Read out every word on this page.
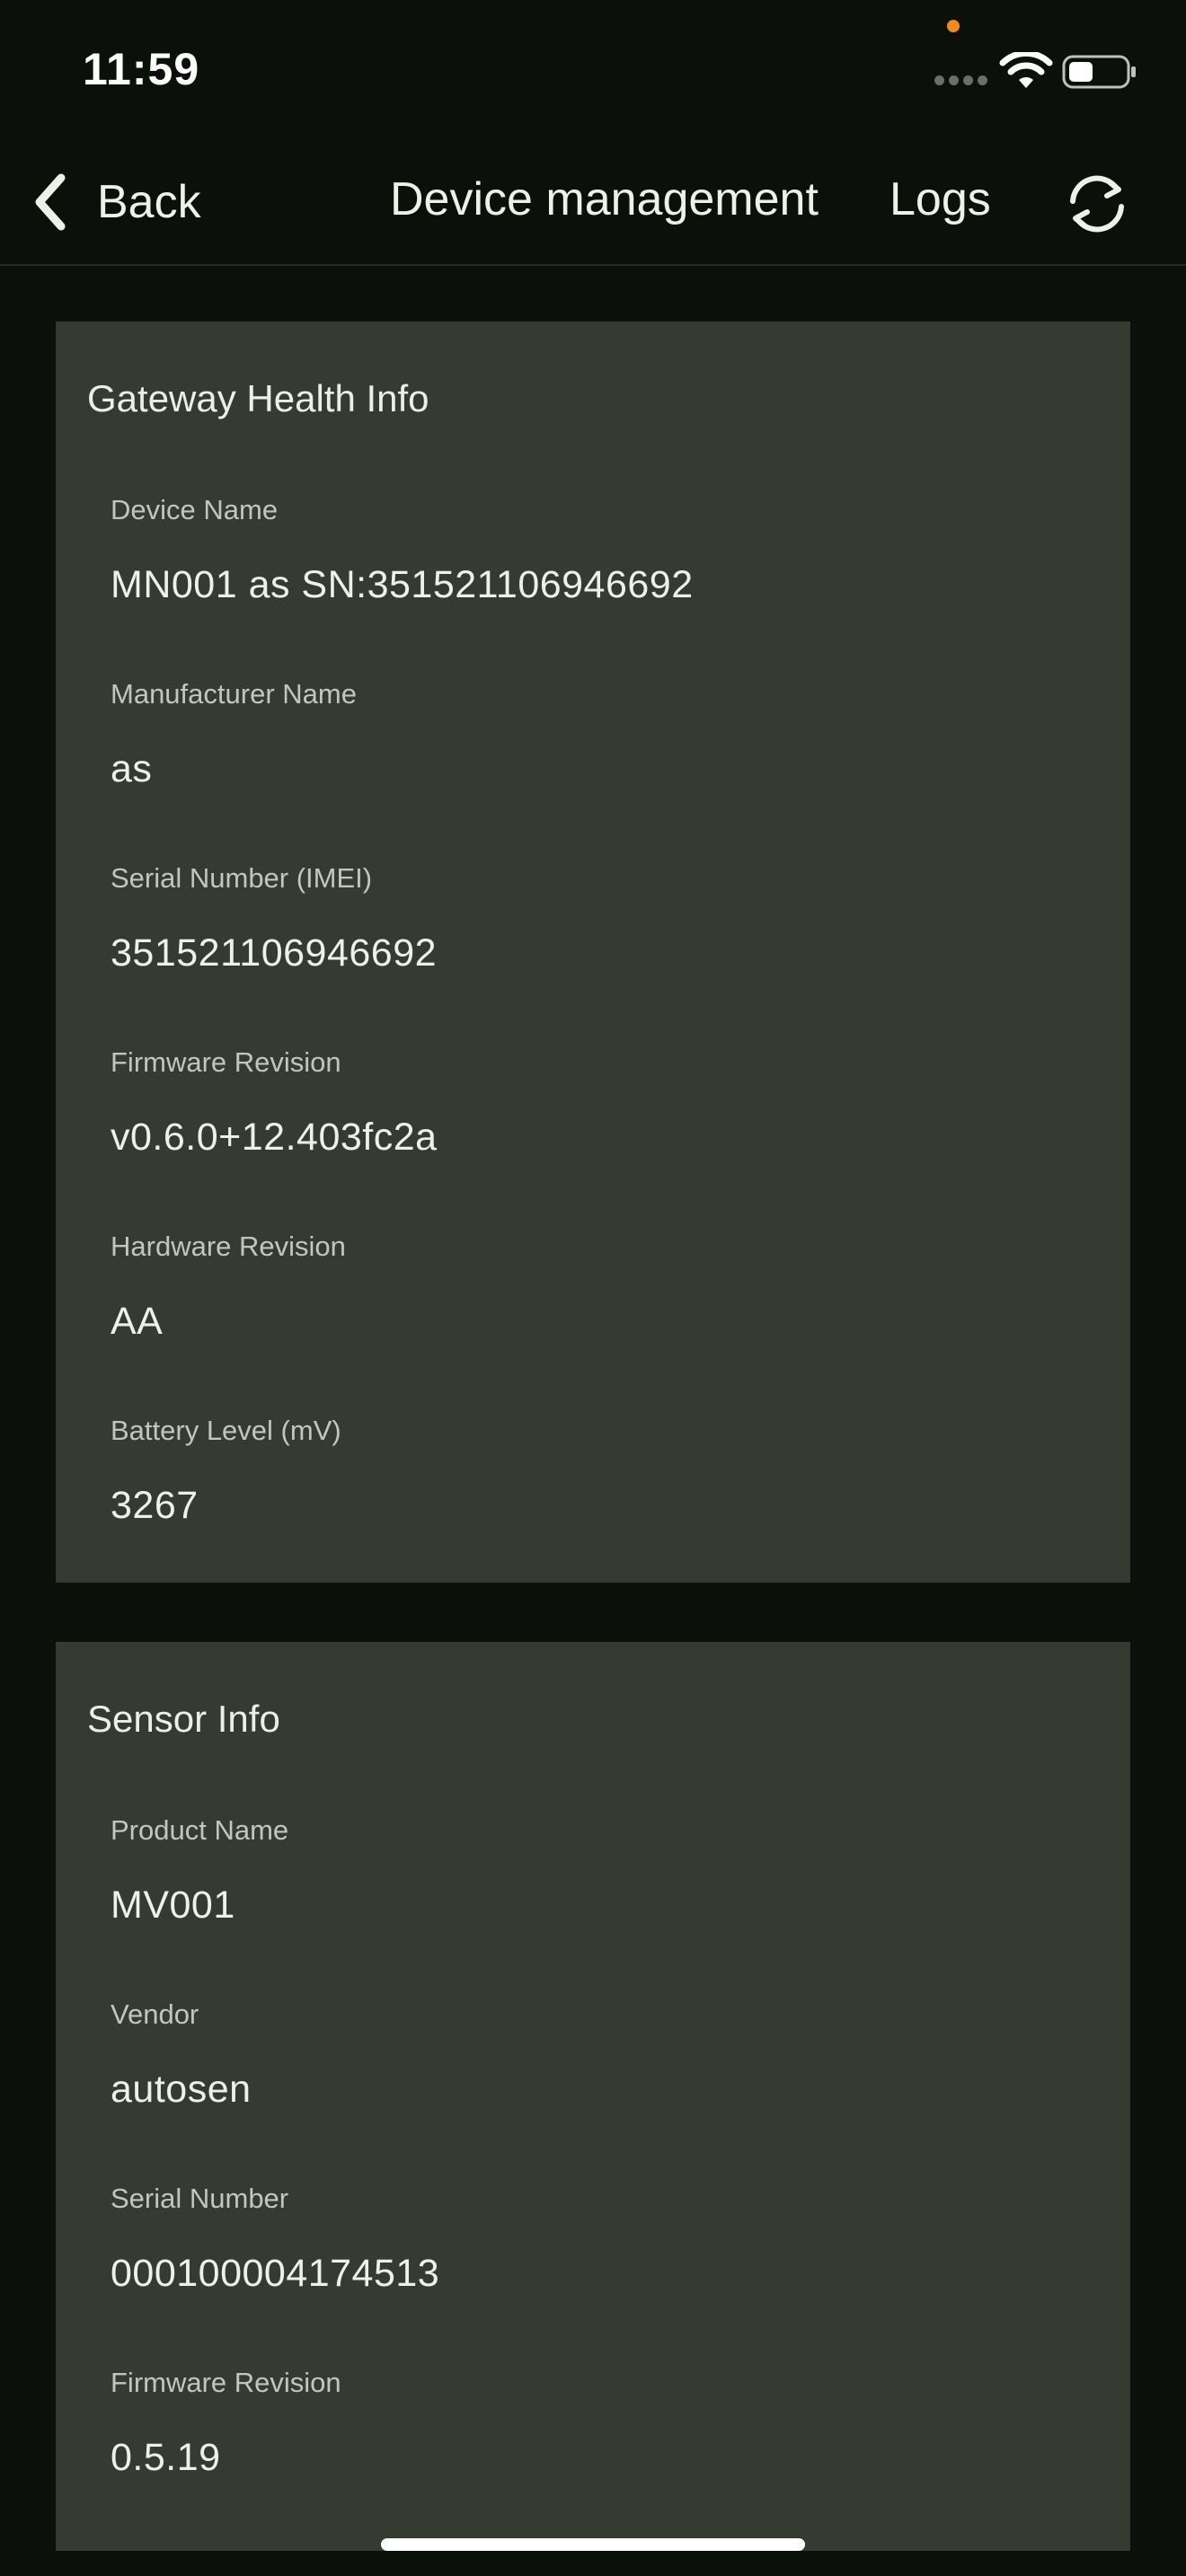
11:59
Back	Device management Logs
Gateway Health Info

Device Name

MN001 as SN:351521106946692

Manufacturer Name

as

Serial Number (IMEI)

351521106946692

Firmware Revision

v0.6.0+12.403fc2a

Hardware Revision

AA

Battery Level (mV)

3267

Sensor Info

Product Name

MV001

Vendor

autosen

Serial Number

000100004174513

Firmware Revision

0.5.19
